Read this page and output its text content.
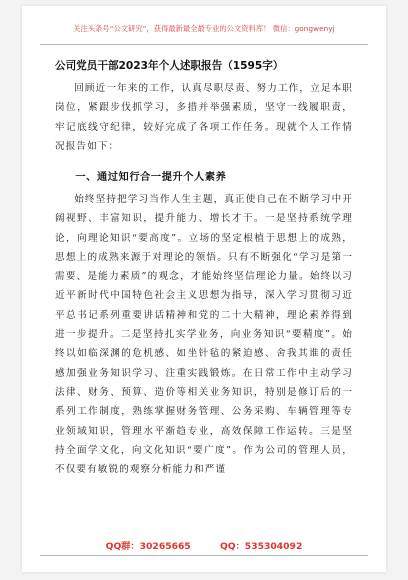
关注头条号“公文研究”，获得最新最全最专业的公文资料库！ 微信：gongwenyj
公司党员干部2023年个人述职报告（1595字）

回顾近一年来的工作，认真尽职尽责、努力工作，立足本职岗位，紧跟步伐抓学习，多措并举强素质，坚守一线履职责，牢记底线守纪律，较好完成了各项工作任务。现就个人工作情况报告如下：

一、通过知行合一提升个人素养

始终坚持把学习当作人生主题，真正使自己在不断学习中开阔视野、丰富知识，提升能力、增长才干。一是坚持系统学理论，向理论知识“要高度”。立场的坚定根植于思想上的成熟，思想上的成熟来源于对理论的领悟。只有不断强化“学习是第一需要、是能力素质”的观念，才能始终坚信理论力量。始终以习近平新时代中国特色社会主义思想为指导，深入学习贯彻习近平总书记系列重要讲话精神和党的二十大精神，理论素养得到进一步提升。二是坚持扎实学业务，向业务知识“要精度”。始终以如临深渊的危机感、如坐针毡的紧迫感、舍我其谁的责任感加强业务知识学习、注重实践锻炼。在日常工作中主动学习法律、财务、预算、造价等相关业务知识，特别是修订后的一系列工作制度，熟练掌握财务管理、公务采购、车辆管理等专业领域知识，管理水平渐趋专业，高效保障工作运转。三是坚持全面学文化，向文化知识“要广度”。作为公司的管理人员，不仅要有敏锐的观察分析能力和严谨

QQ群：30265665	QQ：535304092
